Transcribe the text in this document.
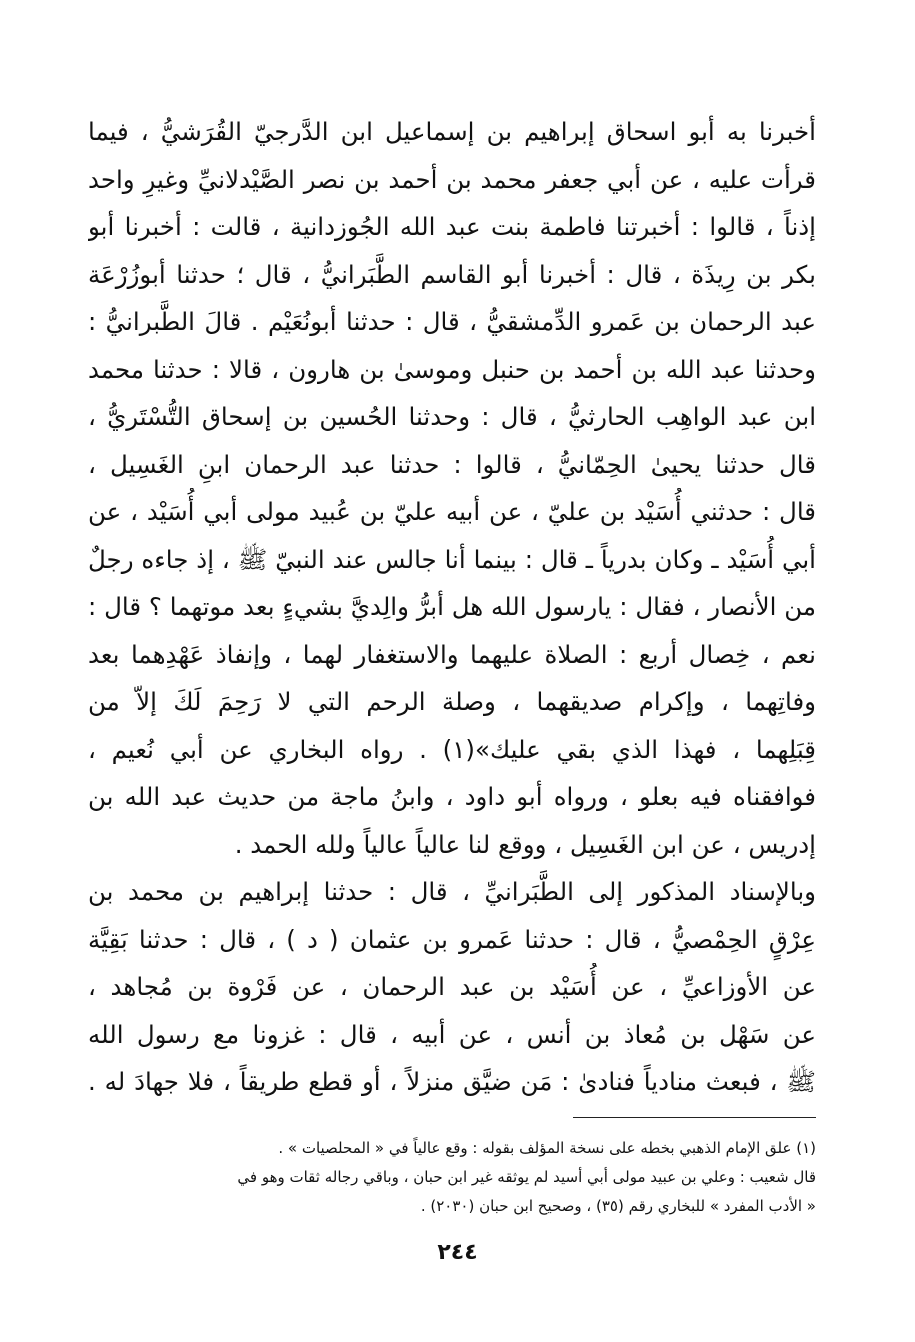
أخبرنا به أبو اسحاق إبراهيم بن إسماعيل ابن الدَّرجيّ القُرَشيُّ ، فيما
قرأت عليه ، عن أبي جعفر محمد بن أحمد بن نصر الصَّيْدلانيِّ وغيرِ واحد
إذناً ، قالوا : أخبرتنا فاطمة بنت عبد الله الجُوزدانية ، قالت : أخبرنا أبو
بكر بن رِيذَة ، قال : أخبرنا أبو القاسم الطَّبَرانيُّ ، قال ؛ حدثنا أبوزُرْعَة
عبد الرحمان بن عَمرو الدِّمشقيُّ ، قال : حدثنا أبونُعَيْم . قالَ الطَّبرانيُّ :
وحدثنا عبد الله بن أحمد بن حنبل وموسىٰ بن هارون ، قالا : حدثنا محمد
ابن عبد الواهِب الحارثيُّ ، قال : وحدثنا الحُسين بن إسحاق التُّسْتَريُّ ،
قال حدثنا يحيىٰ الحِمّانيُّ ، قالوا : حدثنا عبد الرحمان ابنِ الغَسِيل ،
قال : حدثني أُسَيْد بن عليّ ، عن أبيه عليّ بن عُبيد مولى أبي أُسَيْد ، عن
أبي أُسَيْد ـ وكان بدرياً ـ قال : بينما أنا جالس عند النبيّ ﷺ ، إذ جاءه رجلٌ
من الأنصار ، فقال : يارسول الله هل أبرُّ والِديَّ بشيءٍ بعد موتهما ؟ قال :
نعم ، خِصال أربع : الصلاة عليهما والاستغفار لهما ، وإنفاذ عَهْدِهما بعد
وفاتِهما ، وإكرام صديقهما ، وصلة الرحم التي لا رَحِمَ لَكَ إلاّ من
قِبَلِهما ، فهذا الذي بقي عليك»(١) . رواه البخاري عن أبي نُعيم ،
فوافقناه فيه بعلو ، ورواه أبو داود ، وابنُ ماجة من حديث عبد الله بن
إدريس ، عن ابن الغَسِيل ، ووقع لنا عالياً عالياً ولله الحمد .
وبالإسناد المذكور إلى الطَّبَرانيِّ ، قال : حدثنا إبراهيم بن محمد بن
عِرْقٍ الحِمْصيُّ ، قال : حدثنا عَمرو بن عثمان ( د ) ، قال : حدثنا بَقِيَّة
عن الأوزاعيِّ ، عن أُسَيْد بن عبد الرحمان ، عن فَرْوة بن مُجاهد ،
عن سَهْل بن مُعاذ بن أنس ، عن أبيه ، قال : غزونا مع رسول الله
ﷺ ، فبعث منادياً فنادىٰ : مَن ضيَّق منزلاً ، أو قطع طريقاً ، فلا جهادَ له .
(١) علق الإمام الذهبي بخطه على نسخة المؤلف بقوله : وقع عالياً في « المحلصيات » .
قال شعيب : وعلي بن عبيد مولى أبي أسيد لم يوثقه غير ابن حبان ، وباقي رجاله ثقات وهو في
« الأدب المفرد » للبخاري رقم (٣٥) ، وصحيح ابن حبان (٢٠٣٠) .
٢٤٤
